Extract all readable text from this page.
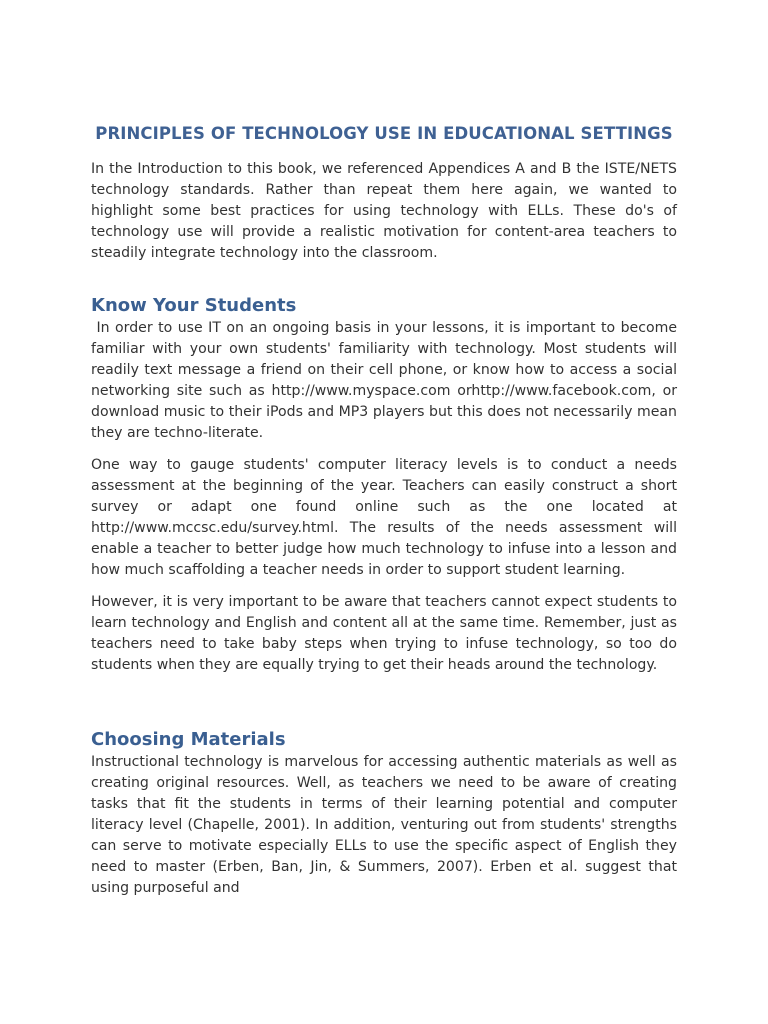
PRINCIPLES OF TECHNOLOGY USE IN EDUCATIONAL SETTINGS

In the Introduction to this book, we referenced Appendices A and B the ISTE/NETS technology standards. Rather than repeat them here again, we wanted to highlight some best practices for using technology with ELLs. These do's of technology use will provide a realistic motivation for content-area teachers to steadily integrate technology into the classroom.

Know Your Students

In order to use IT on an ongoing basis in your lessons, it is important to become familiar with your own students' familiarity with technology. Most students will readily text message a friend on their cell phone, or know how to access a social networking site such as http://www.myspace.com orhttp://www.facebook.com, or download music to their iPods and MP3 players but this does not necessarily mean they are techno-literate.

One way to gauge students' computer literacy levels is to conduct a needs assessment at the beginning of the year. Teachers can easily construct a short survey or adapt one found online such as the one located at http://www.mccsc.edu/survey.html. The results of the needs assessment will enable a teacher to better judge how much technology to infuse into a lesson and how much scaffolding a teacher needs in order to support student learning.

However, it is very important to be aware that teachers cannot expect students to learn technology and English and content all at the same time. Remember, just as teachers need to take baby steps when trying to infuse technology, so too do students when they are equally trying to get their heads around the technology.

Choosing Materials

Instructional technology is marvelous for accessing authentic materials as well as creating original resources. Well, as teachers we need to be aware of creating tasks that fit the students in terms of their learning potential and computer literacy level (Chapelle, 2001). In addition, venturing out from students' strengths can serve to motivate especially ELLs to use the specific aspect of English they need to master (Erben, Ban, Jin, & Summers, 2007). Erben et al. suggest that using purposeful and
